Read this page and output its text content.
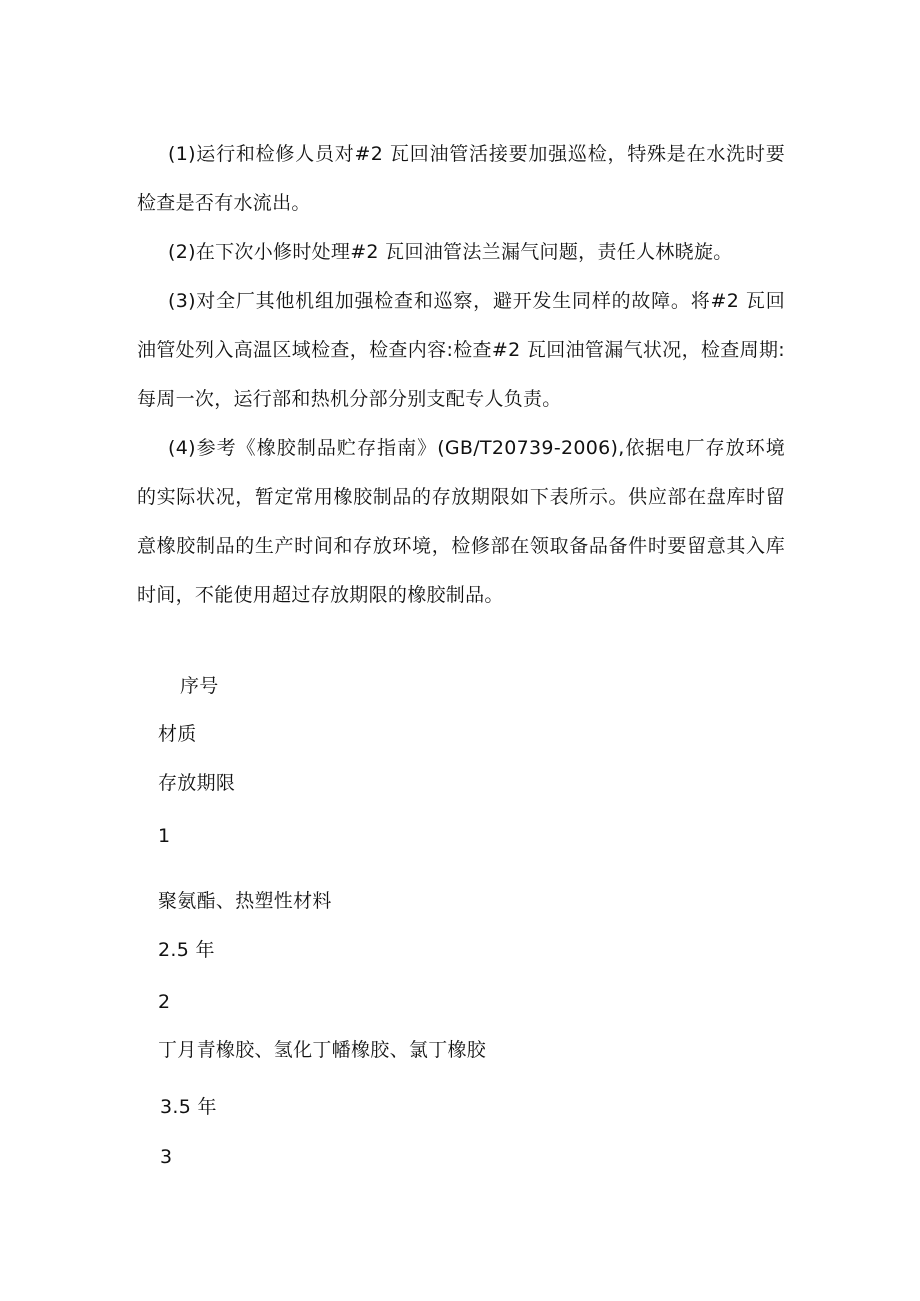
(1)运行和检修人员对#2 瓦回油管活接要加强巡检，特殊是在水洗时要检查是否有水流出。

(2)在下次小修时处理#2 瓦回油管法兰漏气问题，责任人林晓旋。

(3)对全厂其他机组加强检查和巡察，避开发生同样的故障。将#2 瓦回油管处列入高温区域检查，检查内容:检查#2 瓦回油管漏气状况，检查周期:每周一次，运行部和热机分部分别支配专人负责。

(4)参考《橡胶制品贮存指南》(GB/T20739-2006),依据电厂存放环境的实际状况，暂定常用橡胶制品的存放期限如下表所示。供应部在盘库时留意橡胶制品的生产时间和存放环境，检修部在领取备品备件时要留意其入库时间，不能使用超过存放期限的橡胶制品。

序号

材质

存放期限

1

聚氨酯、热塑性材料

2.5 年

2

丁月青橡胶、氢化丁幡橡胶、氯丁橡胶

3.5 年

3
